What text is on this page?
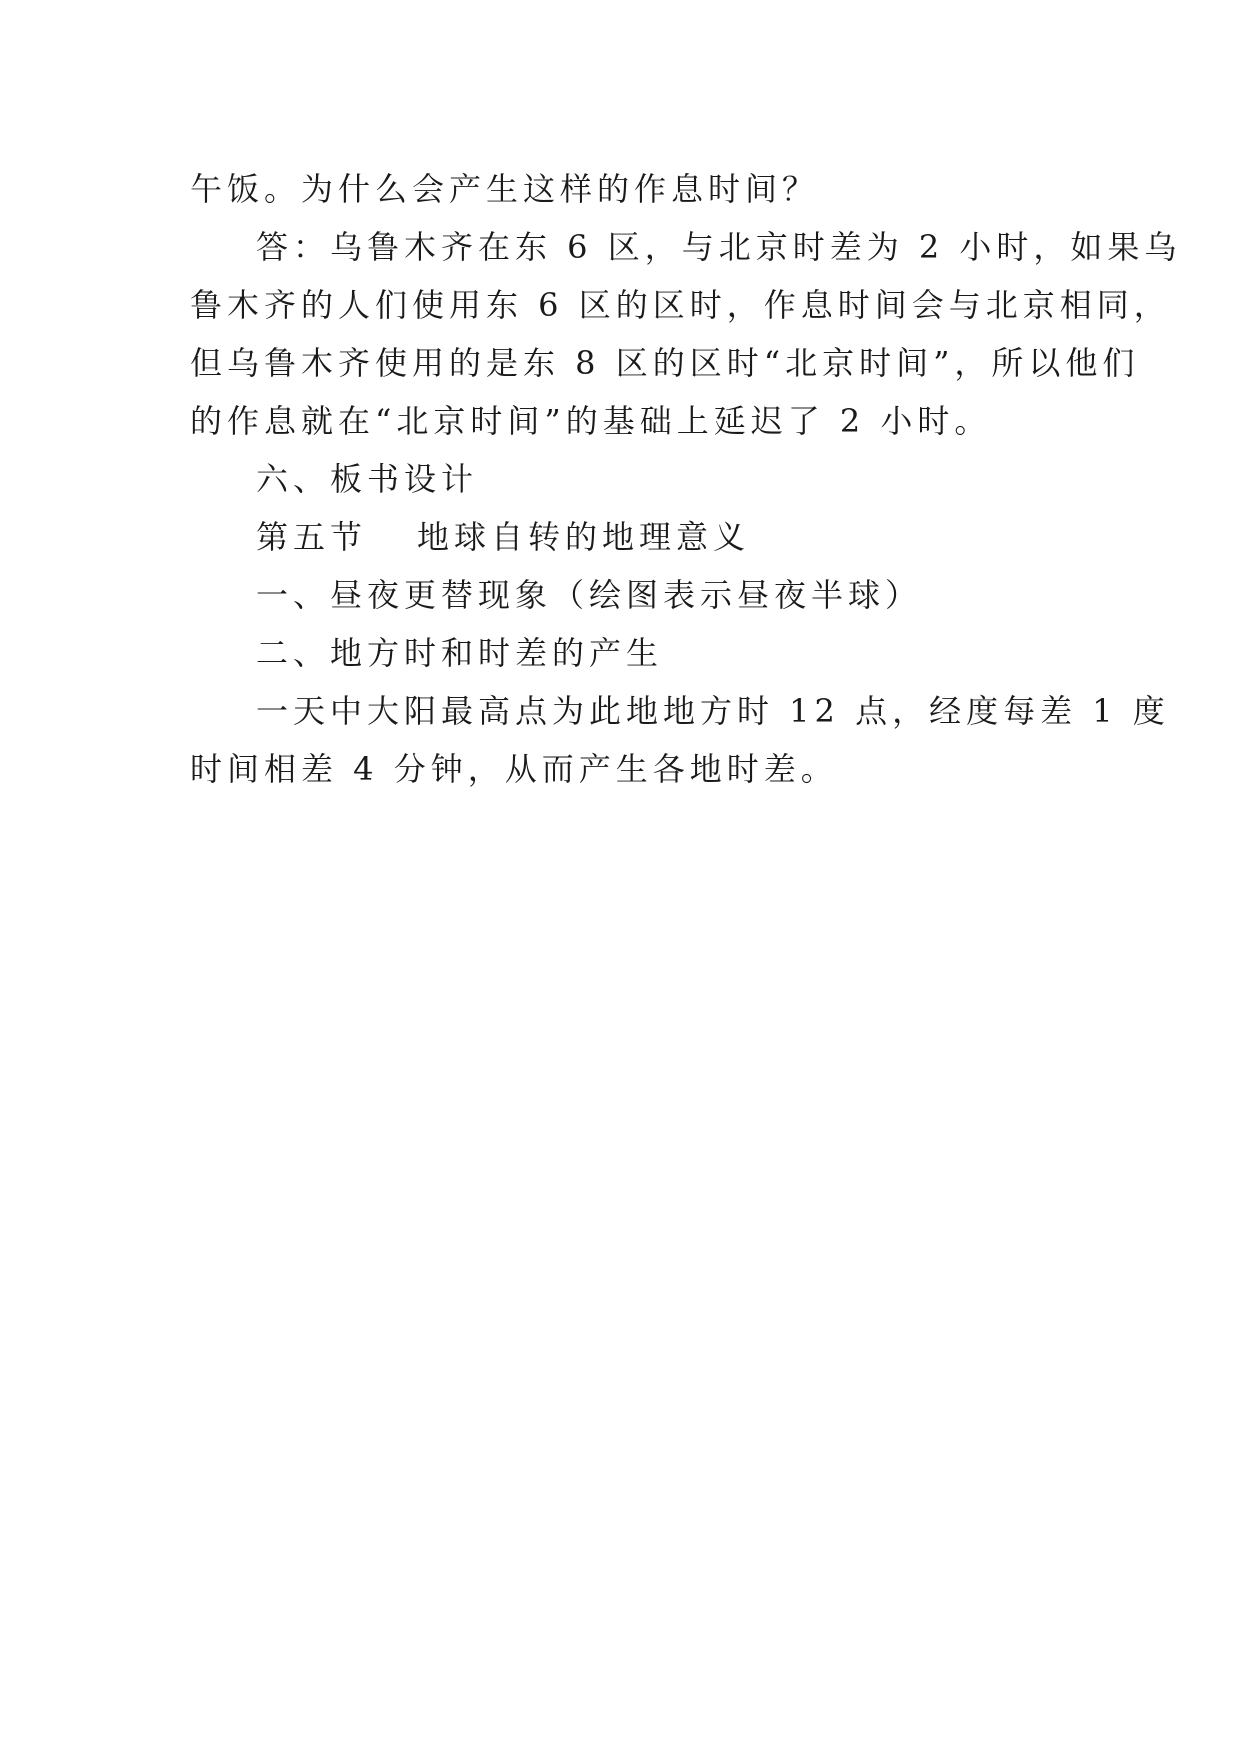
午饭。为什么会产生这样的作息时间？

答：乌鲁木齐在东 6 区，与北京时差为 2 小时，如果乌

鲁木齐的人们使用东 6 区的区时，作息时间会与北京相同，

但乌鲁木齐使用的是东 8 区的区时“北京时间”，所以他们

的作息就在“北京时间”的基础上延迟了 2 小时。

六、板书设计

第五节 地球自转的地理意义

一、昼夜更替现象（绘图表示昼夜半球）

二、地方时和时差的产生

一天中大阳最高点为此地地方时 12 点，经度每差 1 度

时间相差 4 分钟，从而产生各地时差。
